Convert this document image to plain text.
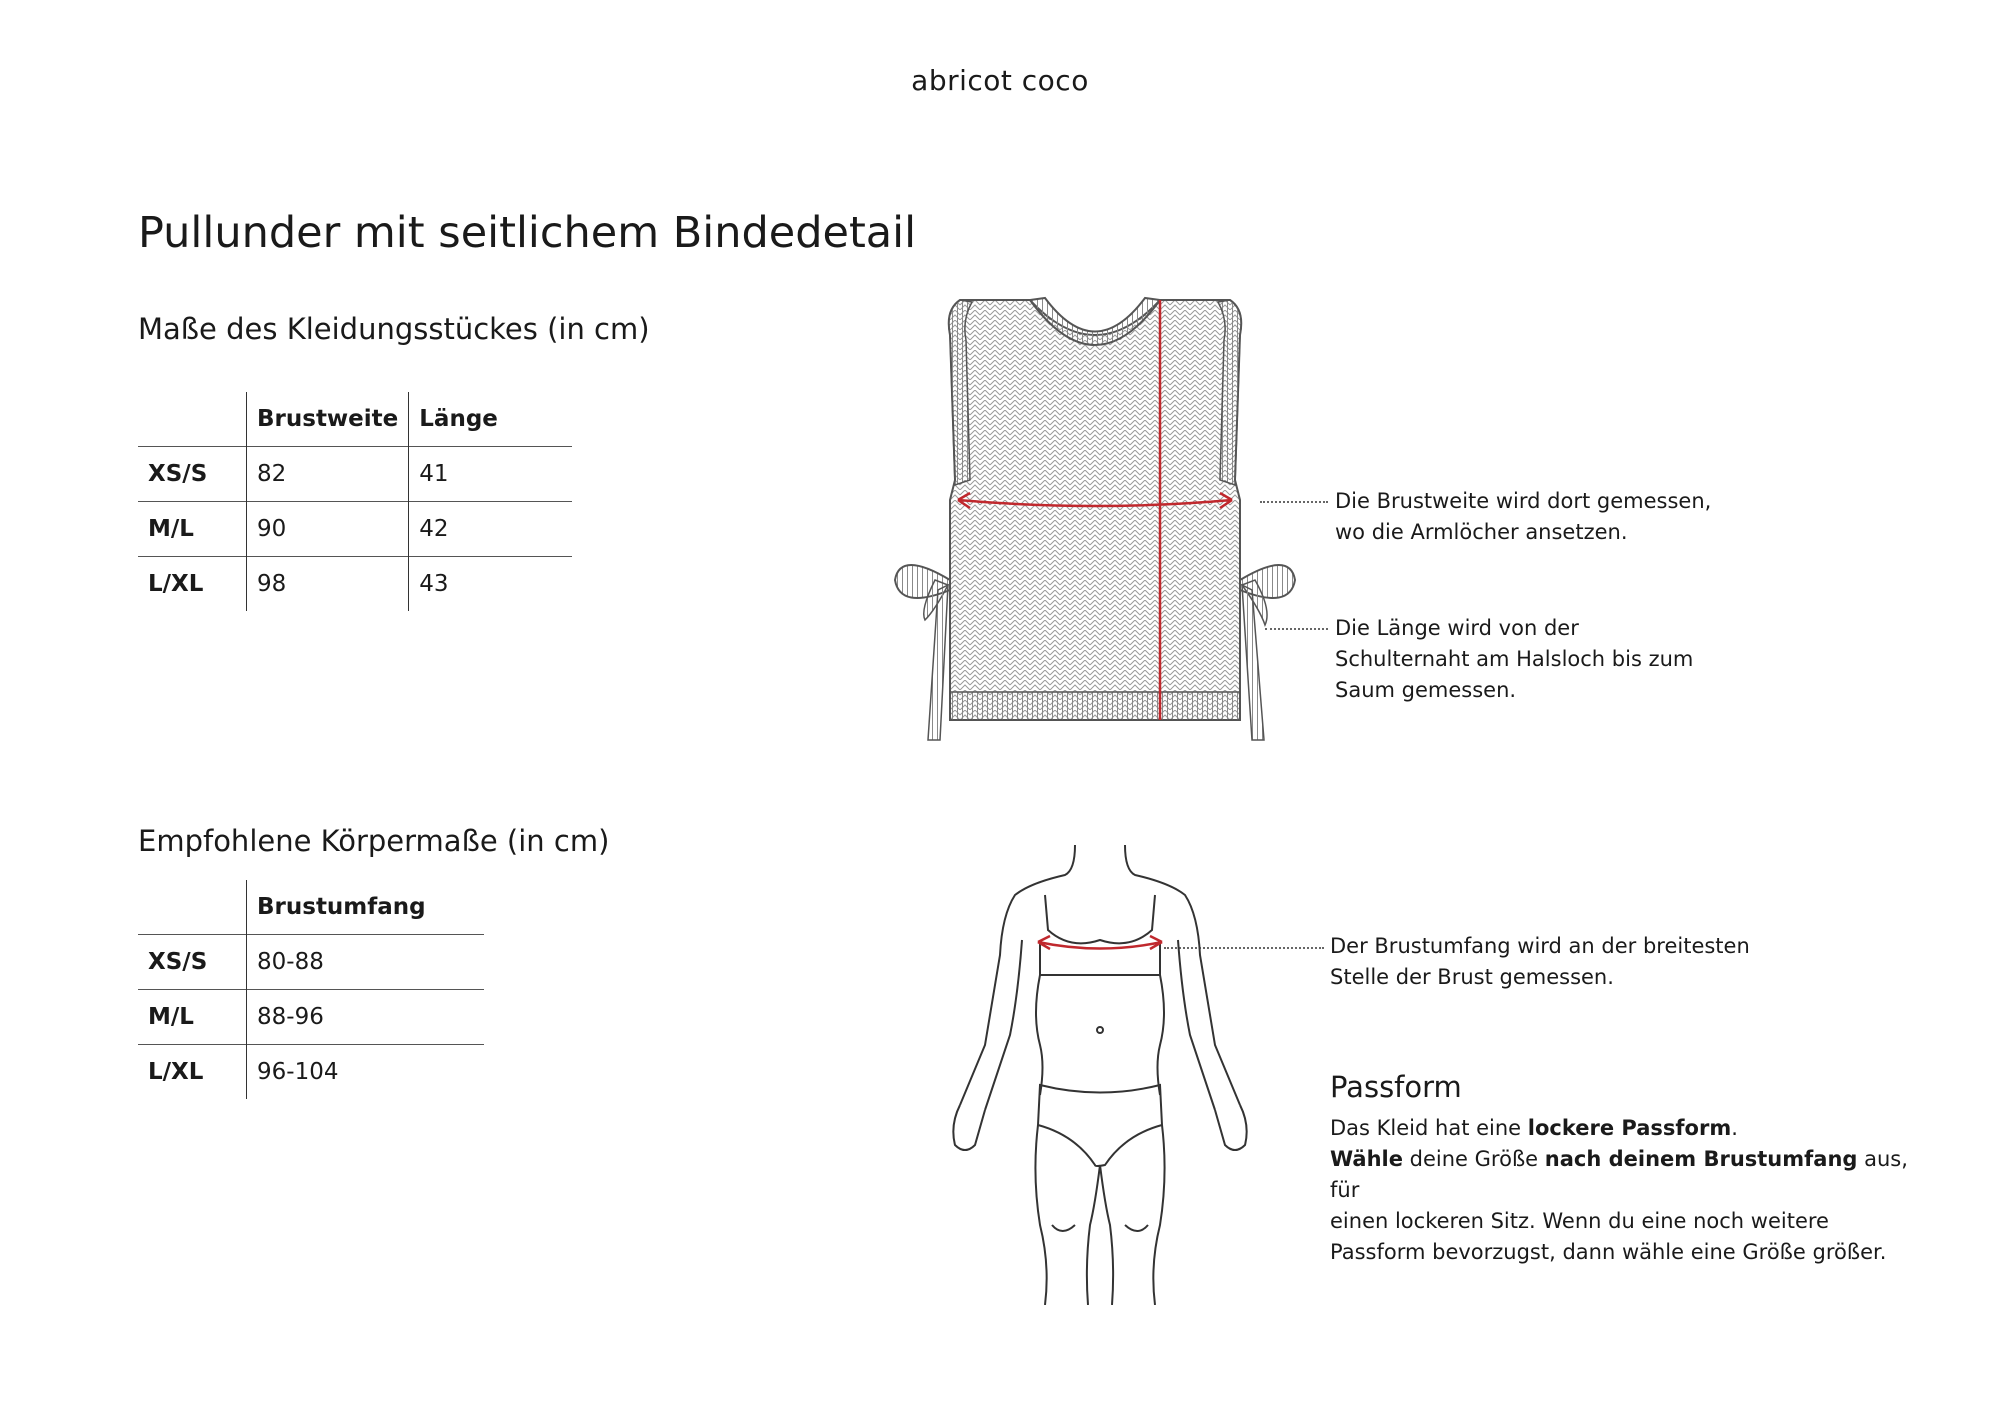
abricot coco
Pullunder mit seitlichem Bindedetail
Maße des Kleidungsstückes (in cm)
	Brustweite	Länge
XS/S	82	41
M/L	90	42
L/XL	98	43
Empfohlene Körpermaße (in cm)
	Brustumfang
XS/S	80-88
M/L	88-96
L/XL	96-104
Die Brustweite wird dort gemessen,
wo die Armlöcher ansetzen.
Die Länge wird von der
Schulternaht am Halsloch bis zum
Saum gemessen.
Der Brustumfang wird an der breitesten
Stelle der Brust gemessen.
Passform
Das Kleid hat eine lockere Passform.
Wähle deine Größe nach deinem Brustumfang aus, für
einen lockeren Sitz. Wenn du eine noch weitere
Passform bevorzugst, dann wähle eine Größe größer.
